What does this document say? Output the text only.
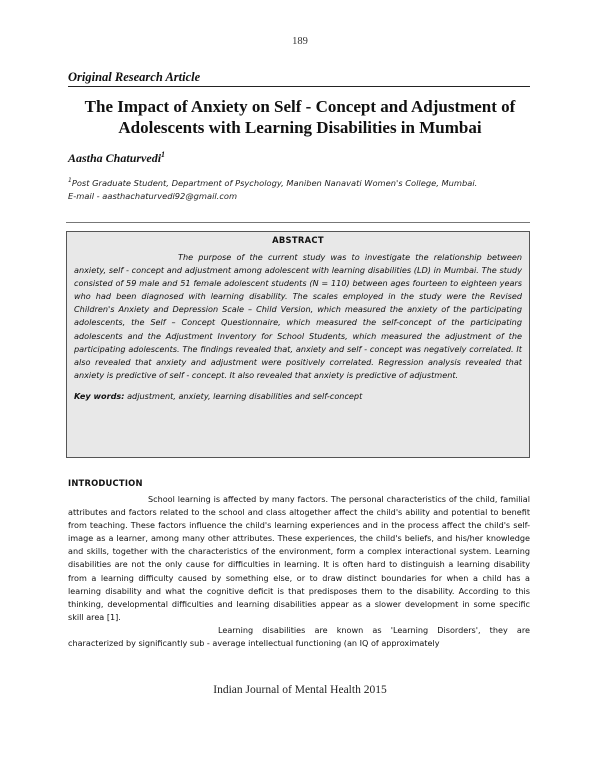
189
Original Research Article
The Impact of Anxiety on Self - Concept and Adjustment of Adolescents with Learning Disabilities in Mumbai
Aastha Chaturvedi$^1$
$^1$Post Graduate Student, Department of Psychology, Maniben Nanavati Women's College, Mumbai.
E-mail - aasthachaturvedi92@gmail.com
ABSTRACT

The purpose of the current study was to investigate the relationship between anxiety, self - concept and adjustment among adolescent with learning disabilities (LD) in Mumbai. The study consisted of 59 male and 51 female adolescent students (N = 110) between ages fourteen to eighteen years who had been diagnosed with learning disability. The scales employed in the study were the Revised Children's Anxiety and Depression Scale – Child Version, which measured the anxiety of the participating adolescents, the Self – Concept Questionnaire, which measured the self-concept of the participating adolescents and the Adjustment Inventory for School Students, which measured the adjustment of the participating adolescents. The findings revealed that, anxiety and self - concept was negatively correlated. It also revealed that anxiety and adjustment were positively correlated. Regression analysis revealed that anxiety is predictive of self - concept. It also revealed that anxiety is predictive of adjustment.

Key words: adjustment, anxiety, learning disabilities and self-concept
INTRODUCTION

School learning is affected by many factors. The personal characteristics of the child, familial attributes and factors related to the school and class altogether affect the child's ability and potential to benefit from teaching. These factors influence the child's learning experiences and in the process affect the child's self-image as a learner, among many other attributes. These experiences, the child's beliefs, and his/her knowledge and skills, together with the characteristics of the environment, form a complex interactional system. Learning disabilities are not the only cause for difficulties in learning. It is often hard to distinguish a learning disability from a learning difficulty caused by something else, or to draw distinct boundaries for when a child has a learning disability and what the cognitive deficit is that predisposes them to the disability. According to this thinking, developmental difficulties and learning disabilities appear as a slower development in some specific skill area [1].

Learning disabilities are known as 'Learning Disorders', they are characterized by significantly sub - average intellectual functioning (an IQ of approximately

Indian Journal of Mental Health 2015
